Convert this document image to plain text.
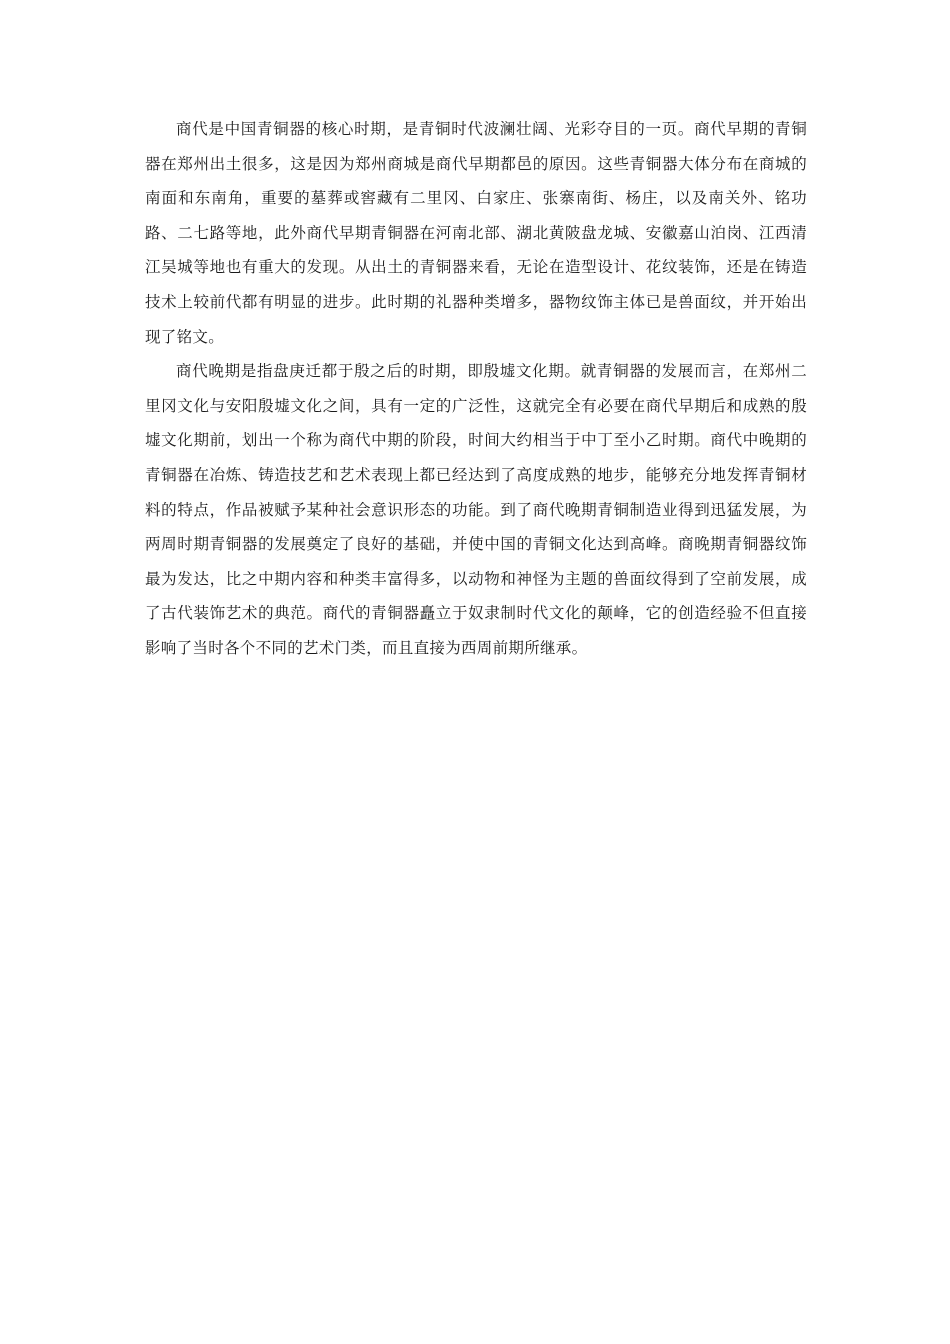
商代是中国青铜器的核心时期，是青铜时代波澜壮阔、光彩夺目的一页。商代早期的青铜器在郑州出土很多，这是因为郑州商城是商代早期都邑的原因。这些青铜器大体分布在商城的南面和东南角，重要的墓葬或窖藏有二里冈、白家庄、张寨南街、杨庄，以及南关外、铭功路、二七路等地，此外商代早期青铜器在河南北部、湖北黄陂盘龙城、安徽嘉山泊岗、江西清江吴城等地也有重大的发现。从出土的青铜器来看，无论在造型设计、花纹装饰，还是在铸造技术上较前代都有明显的进步。此时期的礼器种类增多，器物纹饰主体已是兽面纹，并开始出现了铭文。

商代晚期是指盘庚迁都于殷之后的时期，即殷墟文化期。就青铜器的发展而言，在郑州二里冈文化与安阳殷墟文化之间，具有一定的广泛性，这就完全有必要在商代早期后和成熟的殷墟文化期前，划出一个称为商代中期的阶段，时间大约相当于中丁至小乙时期。商代中晚期的青铜器在冶炼、铸造技艺和艺术表现上都已经达到了高度成熟的地步，能够充分地发挥青铜材料的特点，作品被赋予某种社会意识形态的功能。到了商代晚期青铜制造业得到迅猛发展，为两周时期青铜器的发展奠定了良好的基础，并使中国的青铜文化达到高峰。商晚期青铜器纹饰最为发达，比之中期内容和种类丰富得多，以动物和神怪为主题的兽面纹得到了空前发展，成了古代装饰艺术的典范。商代的青铜器矗立于奴隶制时代文化的颠峰，它的创造经验不但直接影响了当时各个不同的艺术门类，而且直接为西周前期所继承。
